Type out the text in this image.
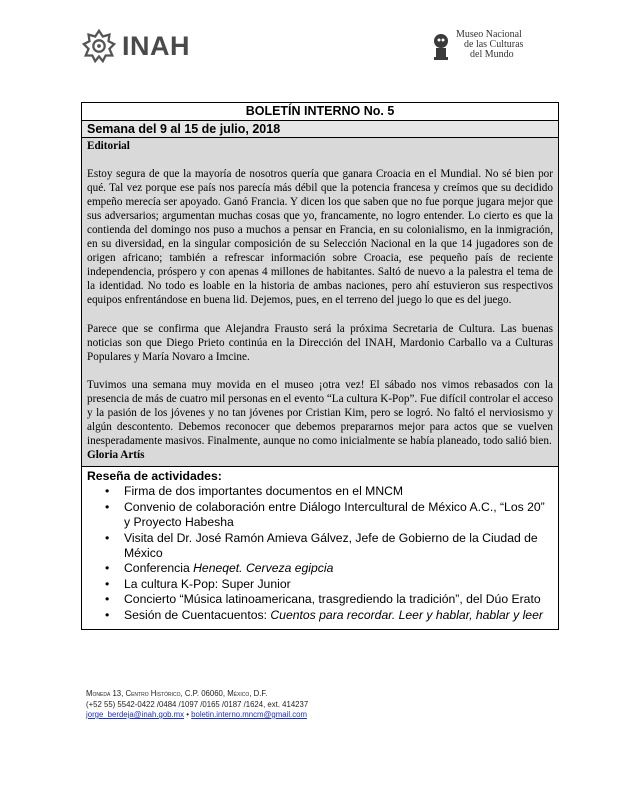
INAH	Museo Nacional
de las Culturas
del Mundo
BOLETÍN INTERNO No. 5
Semana del 9 al 15 de julio, 2018
Editorial

Estoy segura de que la mayoría de nosotros quería que ganara Croacia en el Mundial. No sé bien por qué. Tal vez porque ese país nos parecía más débil que la potencia francesa y creímos que su decidido empeño merecía ser apoyado. Ganó Francia. Y dicen los que saben que no fue porque jugara mejor que sus adversarios; argumentan muchas cosas que yo, francamente, no logro entender. Lo cierto es que la contienda del domingo nos puso a muchos a pensar en Francia, en su colonialismo, en la inmigración, en su diversidad, en la singular composición de su Selección Nacional en la que 14 jugadores son de origen africano; también a refrescar información sobre Croacia, ese pequeño país de reciente independencia, próspero y con apenas 4 millones de habitantes. Saltó de nuevo a la palestra el tema de la identidad. No todo es loable en la historia de ambas naciones, pero ahí estuvieron sus respectivos equipos enfrentándose en buena lid. Dejemos, pues, en el terreno del juego lo que es del juego.

Parece que se confirma que Alejandra Frausto será la próxima Secretaria de Cultura. Las buenas noticias son que Diego Prieto continúa en la Dirección del INAH, Mardonio Carballo va a Culturas Populares y María Novaro a Imcine.

Tuvimos una semana muy movida en el museo ¡otra vez! El sábado nos vimos rebasados con la presencia de más de cuatro mil personas en el evento “La cultura K-Pop”. Fue difícil controlar el acceso y la pasión de los jóvenes y no tan jóvenes por Cristian Kim, pero se logró. No faltó el nerviosismo y algún descontento. Debemos reconocer que debemos prepararnos mejor para actos que se vuelven inesperadamente masivos. Finalmente, aunque no como inicialmente se había planeado, todo salió bien.

Gloria Artís
Reseña de actividades:
• Firma de dos importantes documentos en el MNCM
• Convenio de colaboración entre Diálogo Intercultural de México A.C., “Los 20” y Proyecto Habesha
• Visita del Dr. José Ramón Amieva Gálvez, Jefe de Gobierno de la Ciudad de México
• Conferencia Heneqet. Cerveza egipcia
• La cultura K-Pop: Super Junior
• Concierto “Música latinoamericana, trasgrediendo la tradición”, del Dúo Erato
• Sesión de Cuentacuentos: Cuentos para recordar. Leer y hablar, hablar y leer
Moneda 13, Centro Histórico, C.P. 06060, México, D.F.
(+52 55) 5542-0422 /0484 /1097 /0165 /0187 /1624, ext. 414237
jorge_berdeja@inah.gob.mx • boletin.interno.mncm@gmail.com
